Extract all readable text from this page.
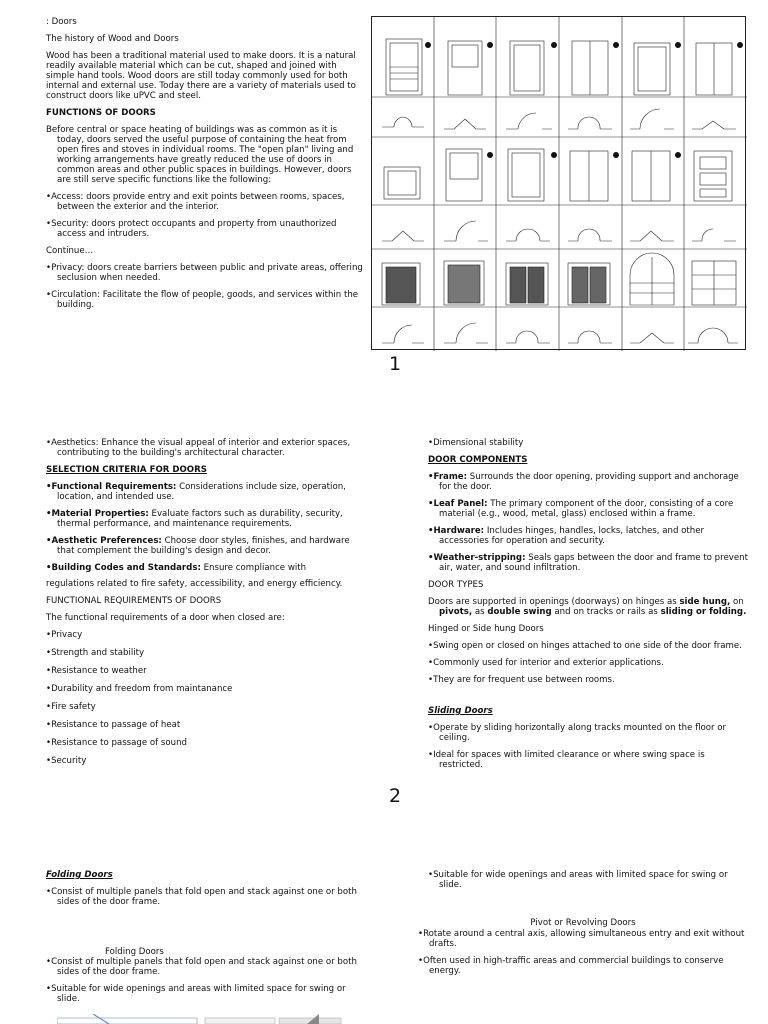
: Doors
The history of Wood and Doors
Wood has been a traditional material used to make doors. It is a natural readily available material which can be cut, shaped and joined with simple hand tools. Wood doors are still today commonly used for both internal and external use. Today there are a variety of materials used to construct doors like uPVC and steel.
FUNCTIONS OF DOORS
Before central or space heating of buildings was as common as it is today, doors served the useful purpose of containing the heat from open fires and stoves in individual rooms. The "open plan" living and working arrangements have greatly reduced the use of doors in common areas and other public spaces in buildings. However, doors are still serve specific functions like the following:
•Access: doors provide entry and exit points between rooms, spaces, between the exterior and the interior.
•Security: doors protect occupants and property from unauthorized access and intruders.
Continue…
•Privacy: doors create barriers between public and private areas, offering seclusion when needed.
•Circulation: Facilitate the flow of people, goods, and services within the building.
1
•Aesthetics: Enhance the visual appeal of interior and exterior spaces, contributing to the building's architectural character.
SELECTION CRITERIA FOR DOORS
•Functional Requirements: Considerations include size, operation, location, and intended use.
•Material Properties: Evaluate factors such as durability, security, thermal performance, and maintenance requirements.
•Aesthetic Preferences: Choose door styles, finishes, and hardware that complement the building's design and decor.
•Building Codes and Standards: Ensure compliance with
regulations related to fire safety, accessibility, and energy efficiency.
FUNCTIONAL REQUIREMENTS OF DOORS
The functional requirements of a door when closed are:
•Privacy
•Strength and stability
•Resistance to weather
•Durability and freedom from maintanance
•Fire safety
•Resistance to passage of heat
•Resistance to passage of sound
•Security
•Dimensional stability
DOOR COMPONENTS
•Frame: Surrounds the door opening, providing support and anchorage for the door.
•Leaf Panel: The primary component of the door, consisting of a core material (e.g., wood, metal, glass) enclosed within a frame.
•Hardware: Includes hinges, handles, locks, latches, and other accessories for operation and security.
•Weather-stripping: Seals gaps between the door and frame to prevent air, water, and sound infiltration.
DOOR TYPES
Doors are supported in openings (doorways) on hinges as side hung, on pivots, as double swing and on tracks or rails as sliding or folding.
Hinged or Side hung Doors
•Swing open or closed on hinges attached to one side of the door frame.
•Commonly used for interior and exterior applications.
•They are for frequent use between rooms.
Sliding Doors
•Operate by sliding horizontally along tracks mounted on the floor or ceiling.
•Ideal for spaces with limited clearance or where swing space is restricted.
2
Folding Doors
•Consist of multiple panels that fold open and stack against one or both sides of the door frame.
Folding Doors
•Consist of multiple panels that fold open and stack against one or both sides of the door frame.
•Suitable for wide openings and areas with limited space for swing or slide.
•Suitable for wide openings and areas with limited space for swing or slide.
Pivot or Revolving Doors
•Rotate around a central axis, allowing simultaneous entry and exit without drafts.
•Often used in high-traffic areas and commercial buildings to conserve energy.
